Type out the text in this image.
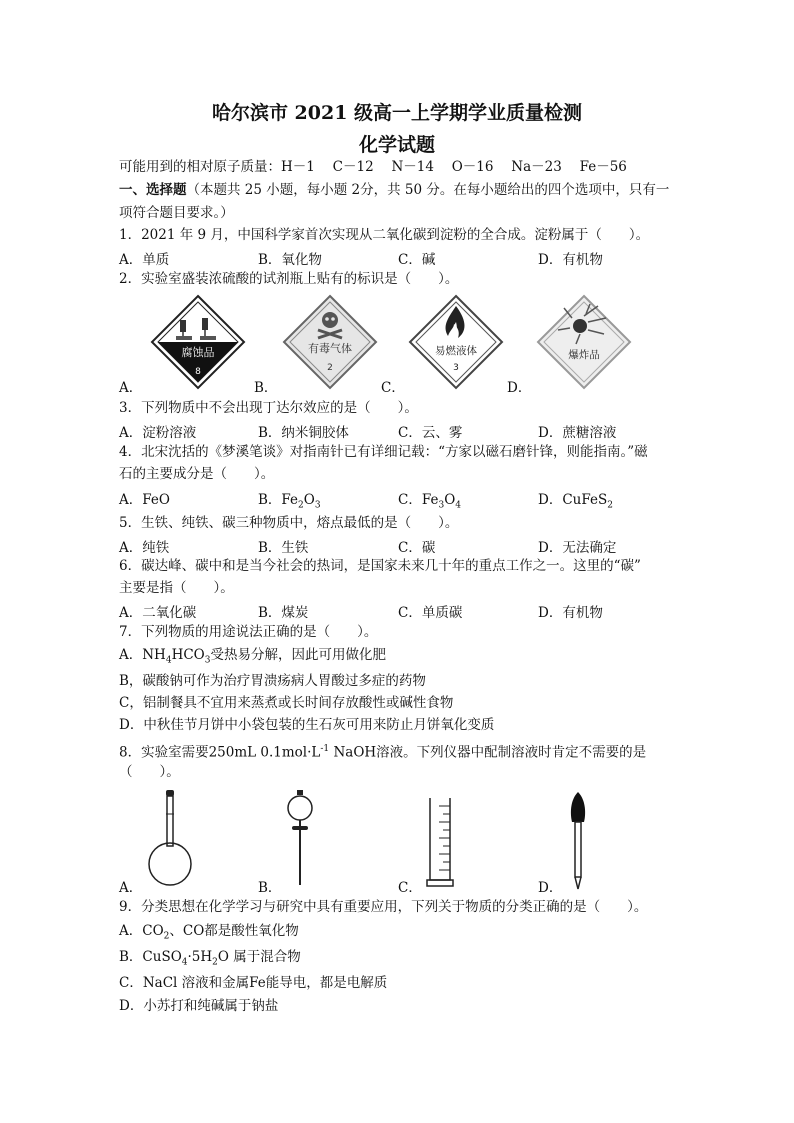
哈尔滨市 2021 级高一上学期学业质量检测
化学试题
可能用到的相对原子质量：H－1　 C－12　 N－14　 O－16　 Na－23　 Fe－56
一、选择题（本题共 25 小题，每小题 2分，共 50 分。在每小题给出的四个选项中，只有一
项符合题目要求。）
1．2021 年 9 月，中国科学家首次实现从二氧化碳到淀粉的全合成。淀粉属于（　　）。
A．单质	B．氧化物	C．碱	D．有机物
2．实验室盛装浓硫酸的试剂瓶上贴有的标识是（　　）。
腐蚀品
8
有毒气体
2
易燃液体
3
爆炸品
A．	B．	C．	D．
3．下列物质中不会出现丁达尔效应的是（　　）。
A．淀粉溶液	B．纳米铜胶体	C．云、雾	D．蔗糖溶液
4．北宋沈括的《梦溪笔谈》对指南针已有详细记载：“方家以磁石磨针锋，则能指南。”磁
石的主要成分是（　　）。
A．FeO	B．$Fe_2O_3$	C．$Fe_3O_4$	D．CuFeS$_2$
5．生铁、纯铁、碳三种物质中，熔点最低的是（　　）。
A．纯铁	B．生铁	C．碳	D．无法确定
6．碳达峰、碳中和是当今社会的热词，是国家未来几十年的重点工作之一。这里的“碳”
主要是指（　　）。
A．二氧化碳	B．煤炭	C．单质碳	D．有机物
7．下列物质的用途说法正确的是（　　）。
A．$NH_4HCO_3$受热易分解，因此可用做化肥
B，碳酸钠可作为治疗胃溃疡病人胃酸过多症的药物
C，铝制餐具不宜用来蒸煮或长时间存放酸性或碱性食物
D．中秋佳节月饼中小袋包装的生石灰可用来防止月饼氧化变质
8．实验室需要250mL $0.1mol\cdot L^{-1}$ NaOH溶液。下列仪器中配制溶液时肯定不需要的是
（　　）。
A．	B．	C．	D．
9．分类思想在化学学习与研究中具有重要应用，下列关于物质的分类正确的是（　　）。
A．$CO_2$、CO都是酸性氧化物
B．$CuSO_4\cdot 5H_2O$ 属于混合物
C．NaCl 溶液和金属Fe能导电，都是电解质
D．小苏打和纯碱属于钠盐
